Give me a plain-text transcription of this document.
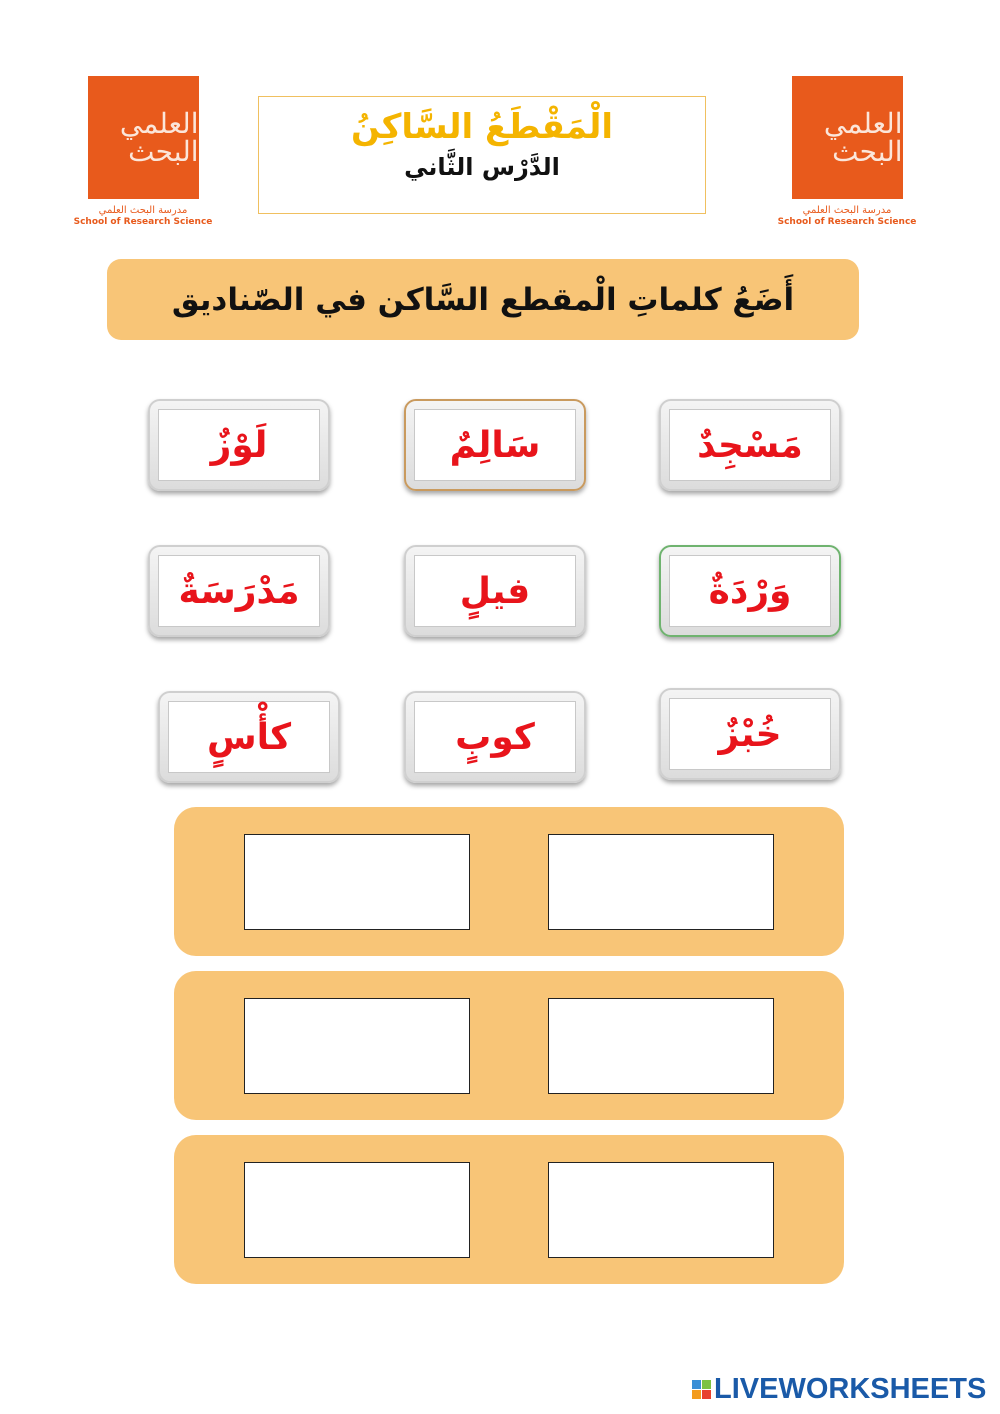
العلمي البحث
مدرسة البحث العلمي
School of Research Science
العلمي البحث
مدرسة البحث العلمي
School of Research Science
الْمَقْطَعُ السَّاكِنُ
الدَّرْس الثَّاني
أَضَعُ كلماتِ الْمقطع السَّاكن في الصّناديق
مَسْجِدٌ
سَالِمٌ
لَوْزٌ
وَرْدَةٌ
فيلٍ
مَدْرَسَةٌ
خُبْزٌ
كوبٍ
كأْسٍ
LIVEWORKSHEETS
